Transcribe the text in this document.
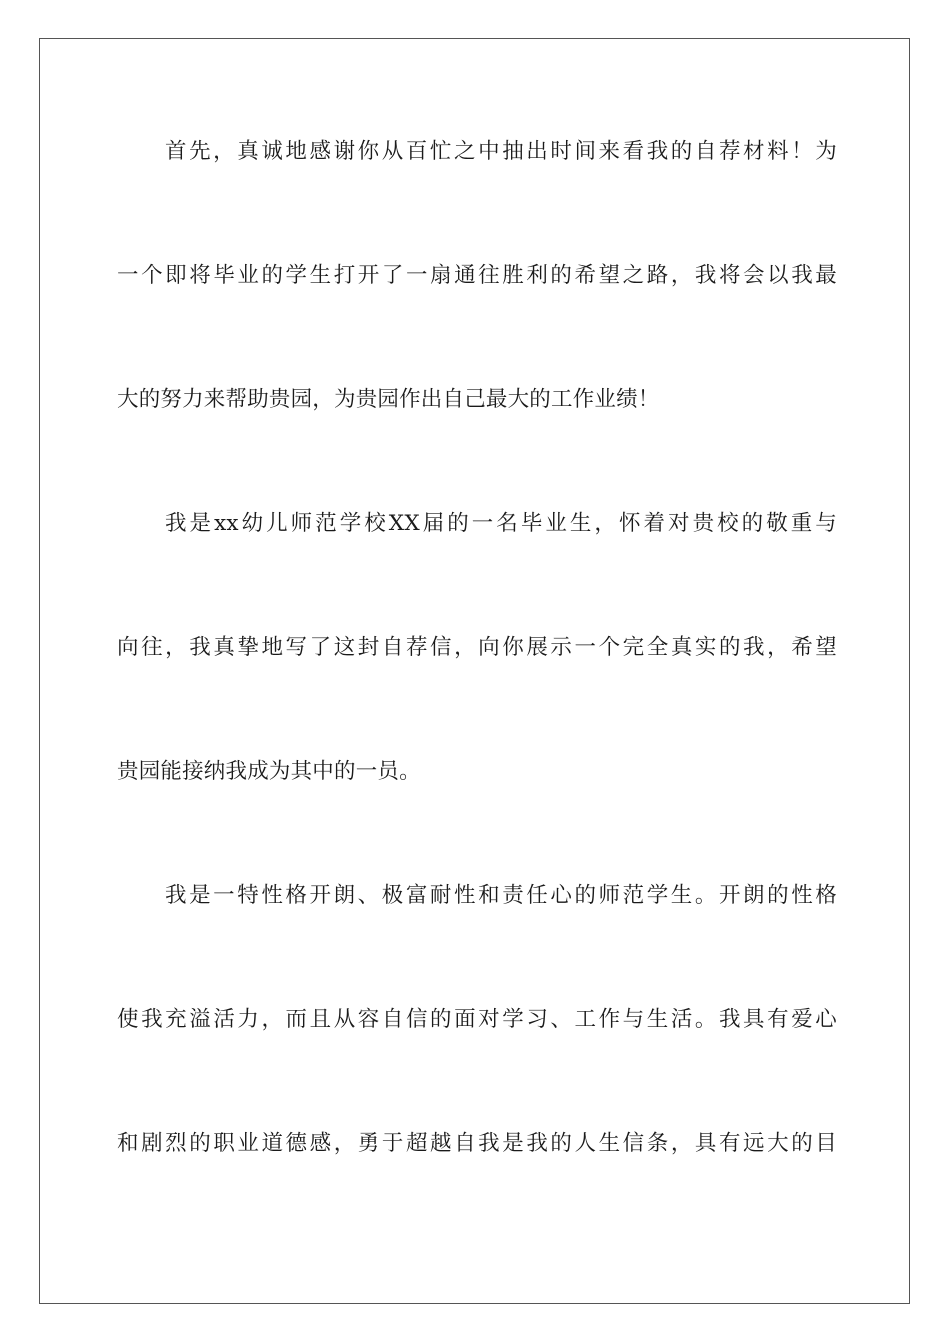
首先，真诚地感谢你从百忙之中抽出时间来看我的自荐材料！为
一个即将毕业的学生打开了一扇通往胜利的希望之路，我将会以我最
大的努力来帮助贵园，为贵园作出自己最大的工作业绩！
我是xx幼儿师范学校XX届的一名毕业生，怀着对贵校的敬重与
向往，我真挚地写了这封自荐信，向你展示一个完全真实的我，希望
贵园能接纳我成为其中的一员。
我是一特性格开朗、极富耐性和责任心的师范学生。开朗的性格
使我充溢活力，而且从容自信的面对学习、工作与生活。我具有爱心
和剧烈的职业道德感，勇于超越自我是我的人生信条，具有远大的目
